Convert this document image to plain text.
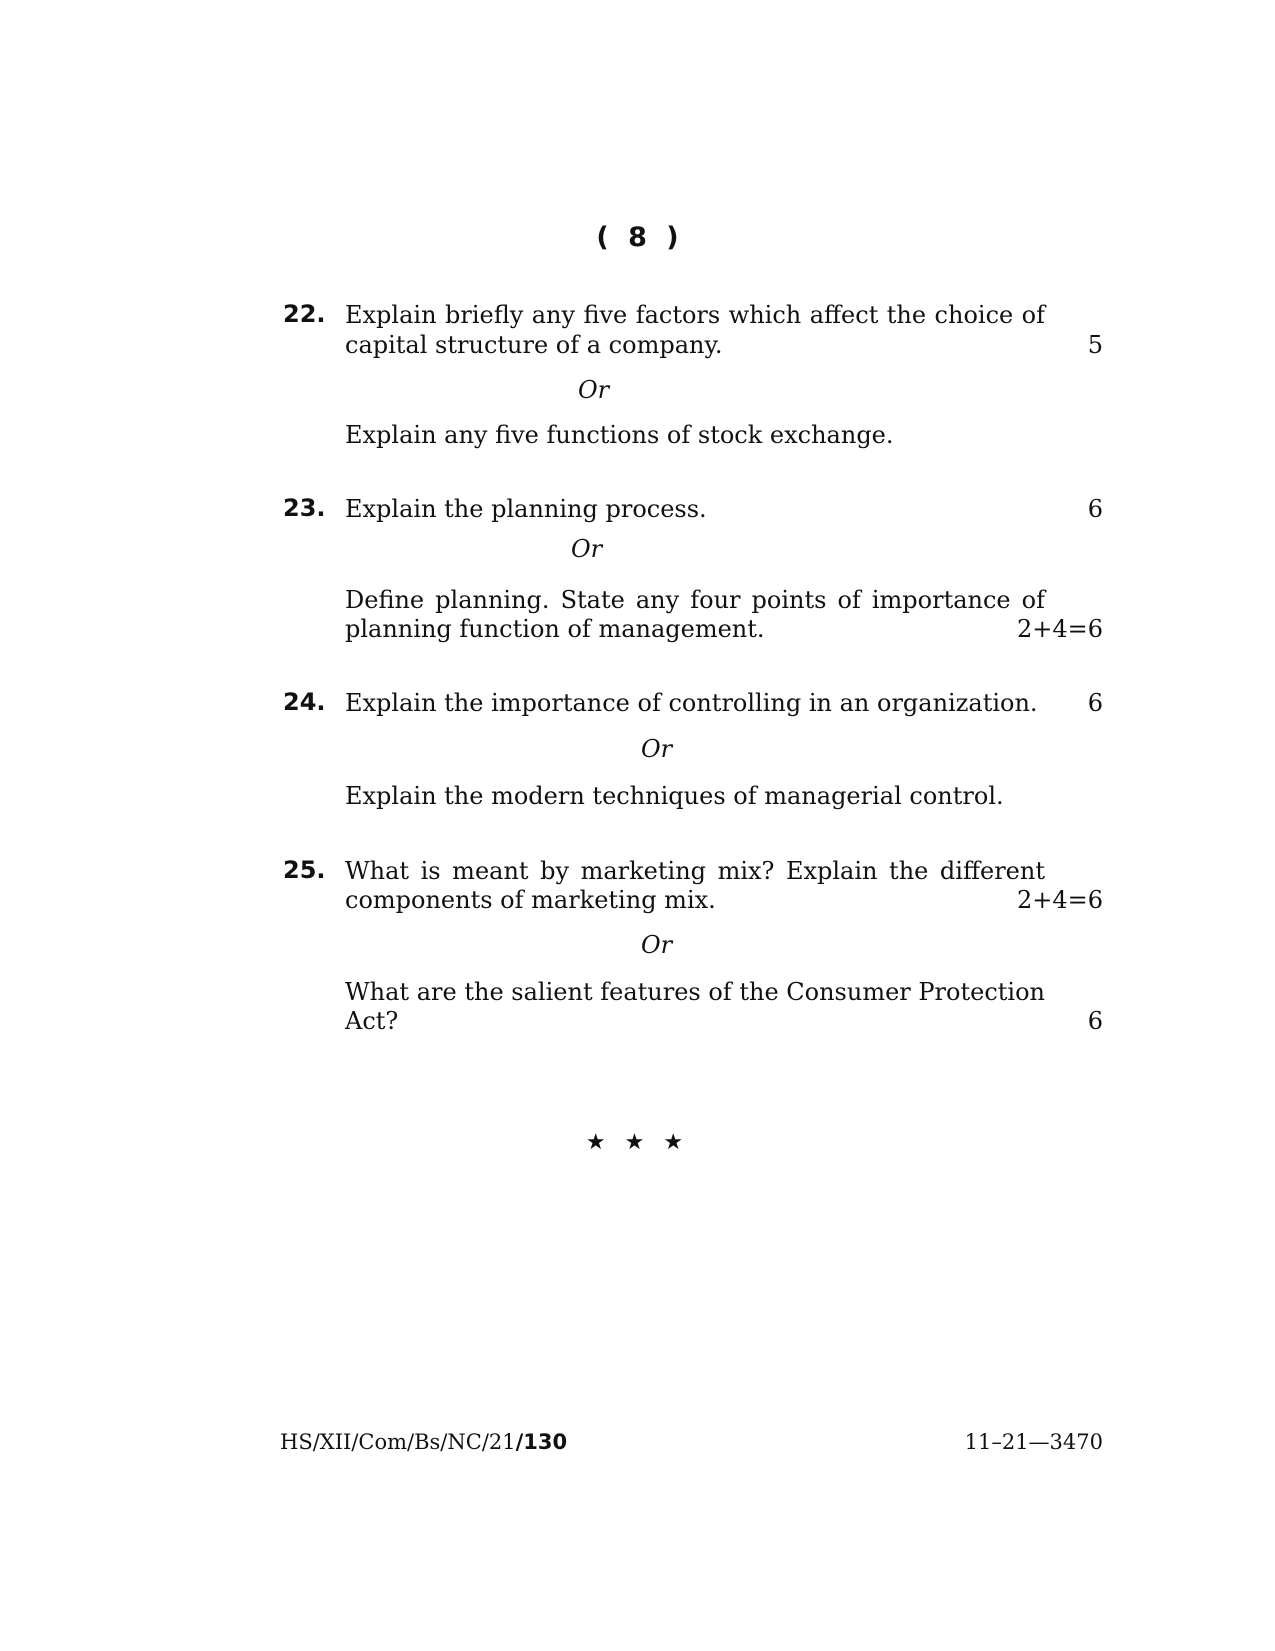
( 8 )
22. Explain briefly any five factors which affect the choice of
capital structure of a company.	5
Or
Explain any five functions of stock exchange.
23. Explain the planning process.	6
Or
Define planning. State any four points of importance of
planning function of management.	2+4=6
24. Explain the importance of controlling in an organization. 6
Or
Explain the modern techniques of managerial control.
25. What is meant by marketing mix? Explain the different
components of marketing mix.	2+4=6
Or
What are the salient features of the Consumer Protection
Act?	6
★ ★ ★
HS/XII/Com/Bs/NC/21/130	11–21—3470
